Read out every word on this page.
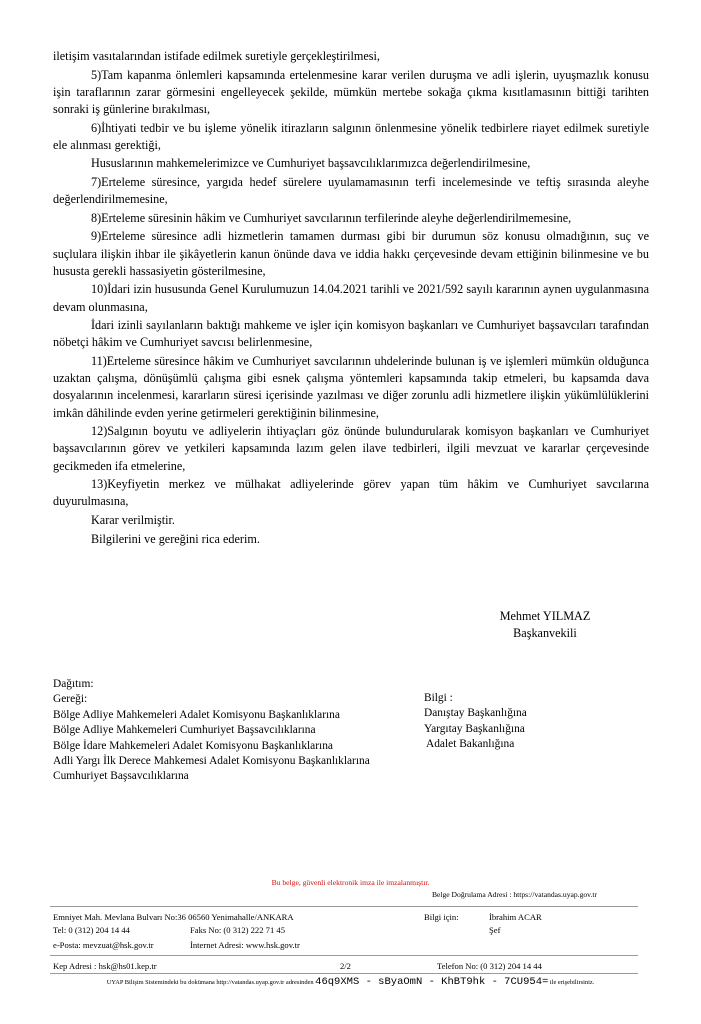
iletişim vasıtalarından istifade edilmek suretiyle gerçekleştirilmesi,

5)Tam kapanma önlemleri kapsamında ertelenmesine karar verilen duruşma ve adli işlerin, uyuşmazlık konusu işin taraflarının zarar görmesini engelleyecek şekilde, mümkün mertebe sokağa çıkma kısıtlamasının bittiği tarihten sonraki iş günlerine bırakılması,

6)İhtiyati tedbir ve bu işleme yönelik itirazların salgının önlenmesine yönelik tedbirlere riayet edilmek suretiyle ele alınması gerektiği,

Hususlarının mahkemelerimizce ve Cumhuriyet başsavcılıklarımızca değerlendirilmesine,

7)Erteleme süresince, yargıda hedef sürelere uyulamamasının terfi incelemesinde ve teftiş sırasında aleyhe değerlendirilmemesine,

8)Erteleme süresinin hâkim ve Cumhuriyet savcılarının terfilerinde aleyhe değerlendirilmemesine,

9)Erteleme süresince adli hizmetlerin tamamen durması gibi bir durumun söz konusu olmadığının, suç ve suçlulara ilişkin ihbar ile şikâyetlerin kanun önünde dava ve iddia hakkı çerçevesinde devam ettiğinin bilinmesine ve bu hususta gerekli hassasiyetin gösterilmesine,

10)İdari izin hususunda Genel Kurulumuzun 14.04.2021 tarihli ve 2021/592 sayılı kararının aynen uygulanmasına devam olunmasına,

İdari izinli sayılanların baktığı mahkeme ve işler için komisyon başkanları ve Cumhuriyet başsavcıları tarafından nöbetçi hâkim ve Cumhuriyet savcısı belirlenmesine,

11)Erteleme süresince hâkim ve Cumhuriyet savcılarının uhdelerinde bulunan iş ve işlemleri mümkün olduğunca uzaktan çalışma, dönüşümlü çalışma gibi esnek çalışma yöntemleri kapsamında takip etmeleri, bu kapsamda dava dosyalarının incelenmesi, kararların süresi içerisinde yazılması ve diğer zorunlu adli hizmetlere ilişkin yükümlülüklerini imkân dâhilinde evden yerine getirmeleri gerektiğinin bilinmesine,

12)Salgının boyutu ve adliyelerin ihtiyaçları göz önünde bulundurularak komisyon başkanları ve Cumhuriyet başsavcılarının görev ve yetkileri kapsamında lazım gelen ilave tedbirleri, ilgili mevzuat ve kararlar çerçevesinde gecikmeden ifa etmelerine,

13)Keyfiyetin merkez ve mülhakat adliyelerinde görev yapan tüm hâkim ve Cumhuriyet savcılarına duyurulmasına,

Karar verilmiştir.

Bilgilerini ve gereğini rica ederim.

Mehmet YILMAZ
Başkanvekili
Dağıtım:
Gereği:
Bölge Adliye Mahkemeleri Adalet Komisyonu Başkanlıklarına
Bölge Adliye Mahkemeleri Cumhuriyet Başsavcılıklarına
Bölge İdare Mahkemeleri Adalet Komisyonu Başkanlıklarına
Adli Yargı İlk Derece Mahkemesi Adalet Komisyonu Başkanlıklarına
Cumhuriyet Başsavcılıklarına
Bilgi :
Danıştay Başkanlığına
Yargıtay Başkanlığına
Adalet Bakanlığına
Bu belge, güvenli elektronik imza ile imzalanmıştır.
Belge Doğrulama Adresi : https://vatandas.uyap.gov.tr
Emniyet Mah. Mevlana Bulvarı No:36 06560 Yenimahalle/ANKARA	Bilgi için:	İbrahim ACAR
Tel: 0 (312) 204 14 44	Faks No: (0 312) 222 71 45	Şef
e-Posta: mevzuat@hsk.gov.tr	İnternet Adresi: www.hsk.gov.tr
Kep Adresi : hsk@hs01.kep.tr	2/2	Telefon No: (0 312) 204 14 44
UYAP Bilişim Sistemindeki bu dokümana http://vatandas.uyap.gov.tr adresinden 46q9XMS - sByaOmN - KhBT9hk - 7CU954= ile erişebilirsiniz.
